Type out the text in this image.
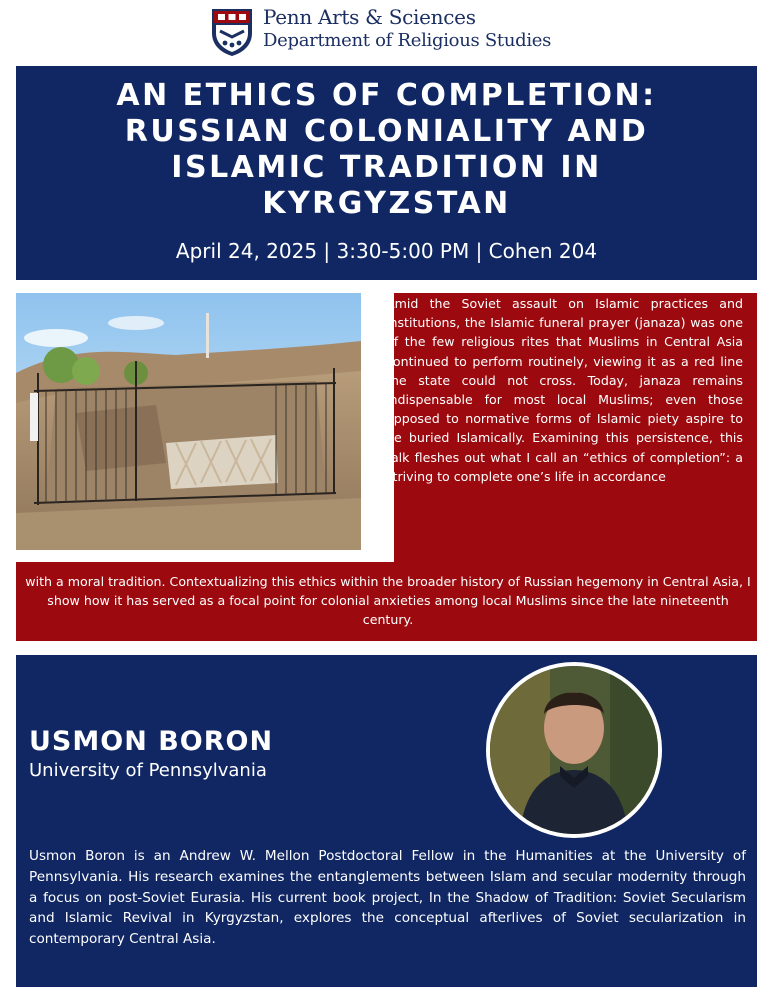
Penn Arts & Sciences
Department of Religious Studies
AN ETHICS OF COMPLETION:
RUSSIAN COLONIALITY AND
ISLAMIC TRADITION IN
KYRGYZSTAN
April 24, 2025 | 3:30-5:00 PM | Cohen 204
Amid the Soviet assault on Islamic practices and institutions, the Islamic funeral prayer (janaza) was one of the few religious rites that Muslims in Central Asia continued to perform routinely, viewing it as a red line the state could not cross. Today, janaza remains indispensable for most local Muslims; even those opposed to normative forms of Islamic piety aspire to be buried Islamically. Examining this persistence, this talk fleshes out what I call an “ethics of completion”: a striving to complete one’s life in accordance
with a moral tradition. Contextualizing this ethics within the broader history of Russian hegemony in Central Asia, I show how it has served as a focal point for colonial anxieties among local Muslims since the late nineteenth century.
USMON BORON
University of Pennsylvania
Usmon Boron is an Andrew W. Mellon Postdoctoral Fellow in the Humanities at the University of Pennsylvania. His research examines the entanglements between Islam and secular modernity through a focus on post-Soviet Eurasia. His current book project, In the Shadow of Tradition: Soviet Secularism and Islamic Revival in Kyrgyzstan, explores the conceptual afterlives of Soviet secularization in contemporary Central Asia.
